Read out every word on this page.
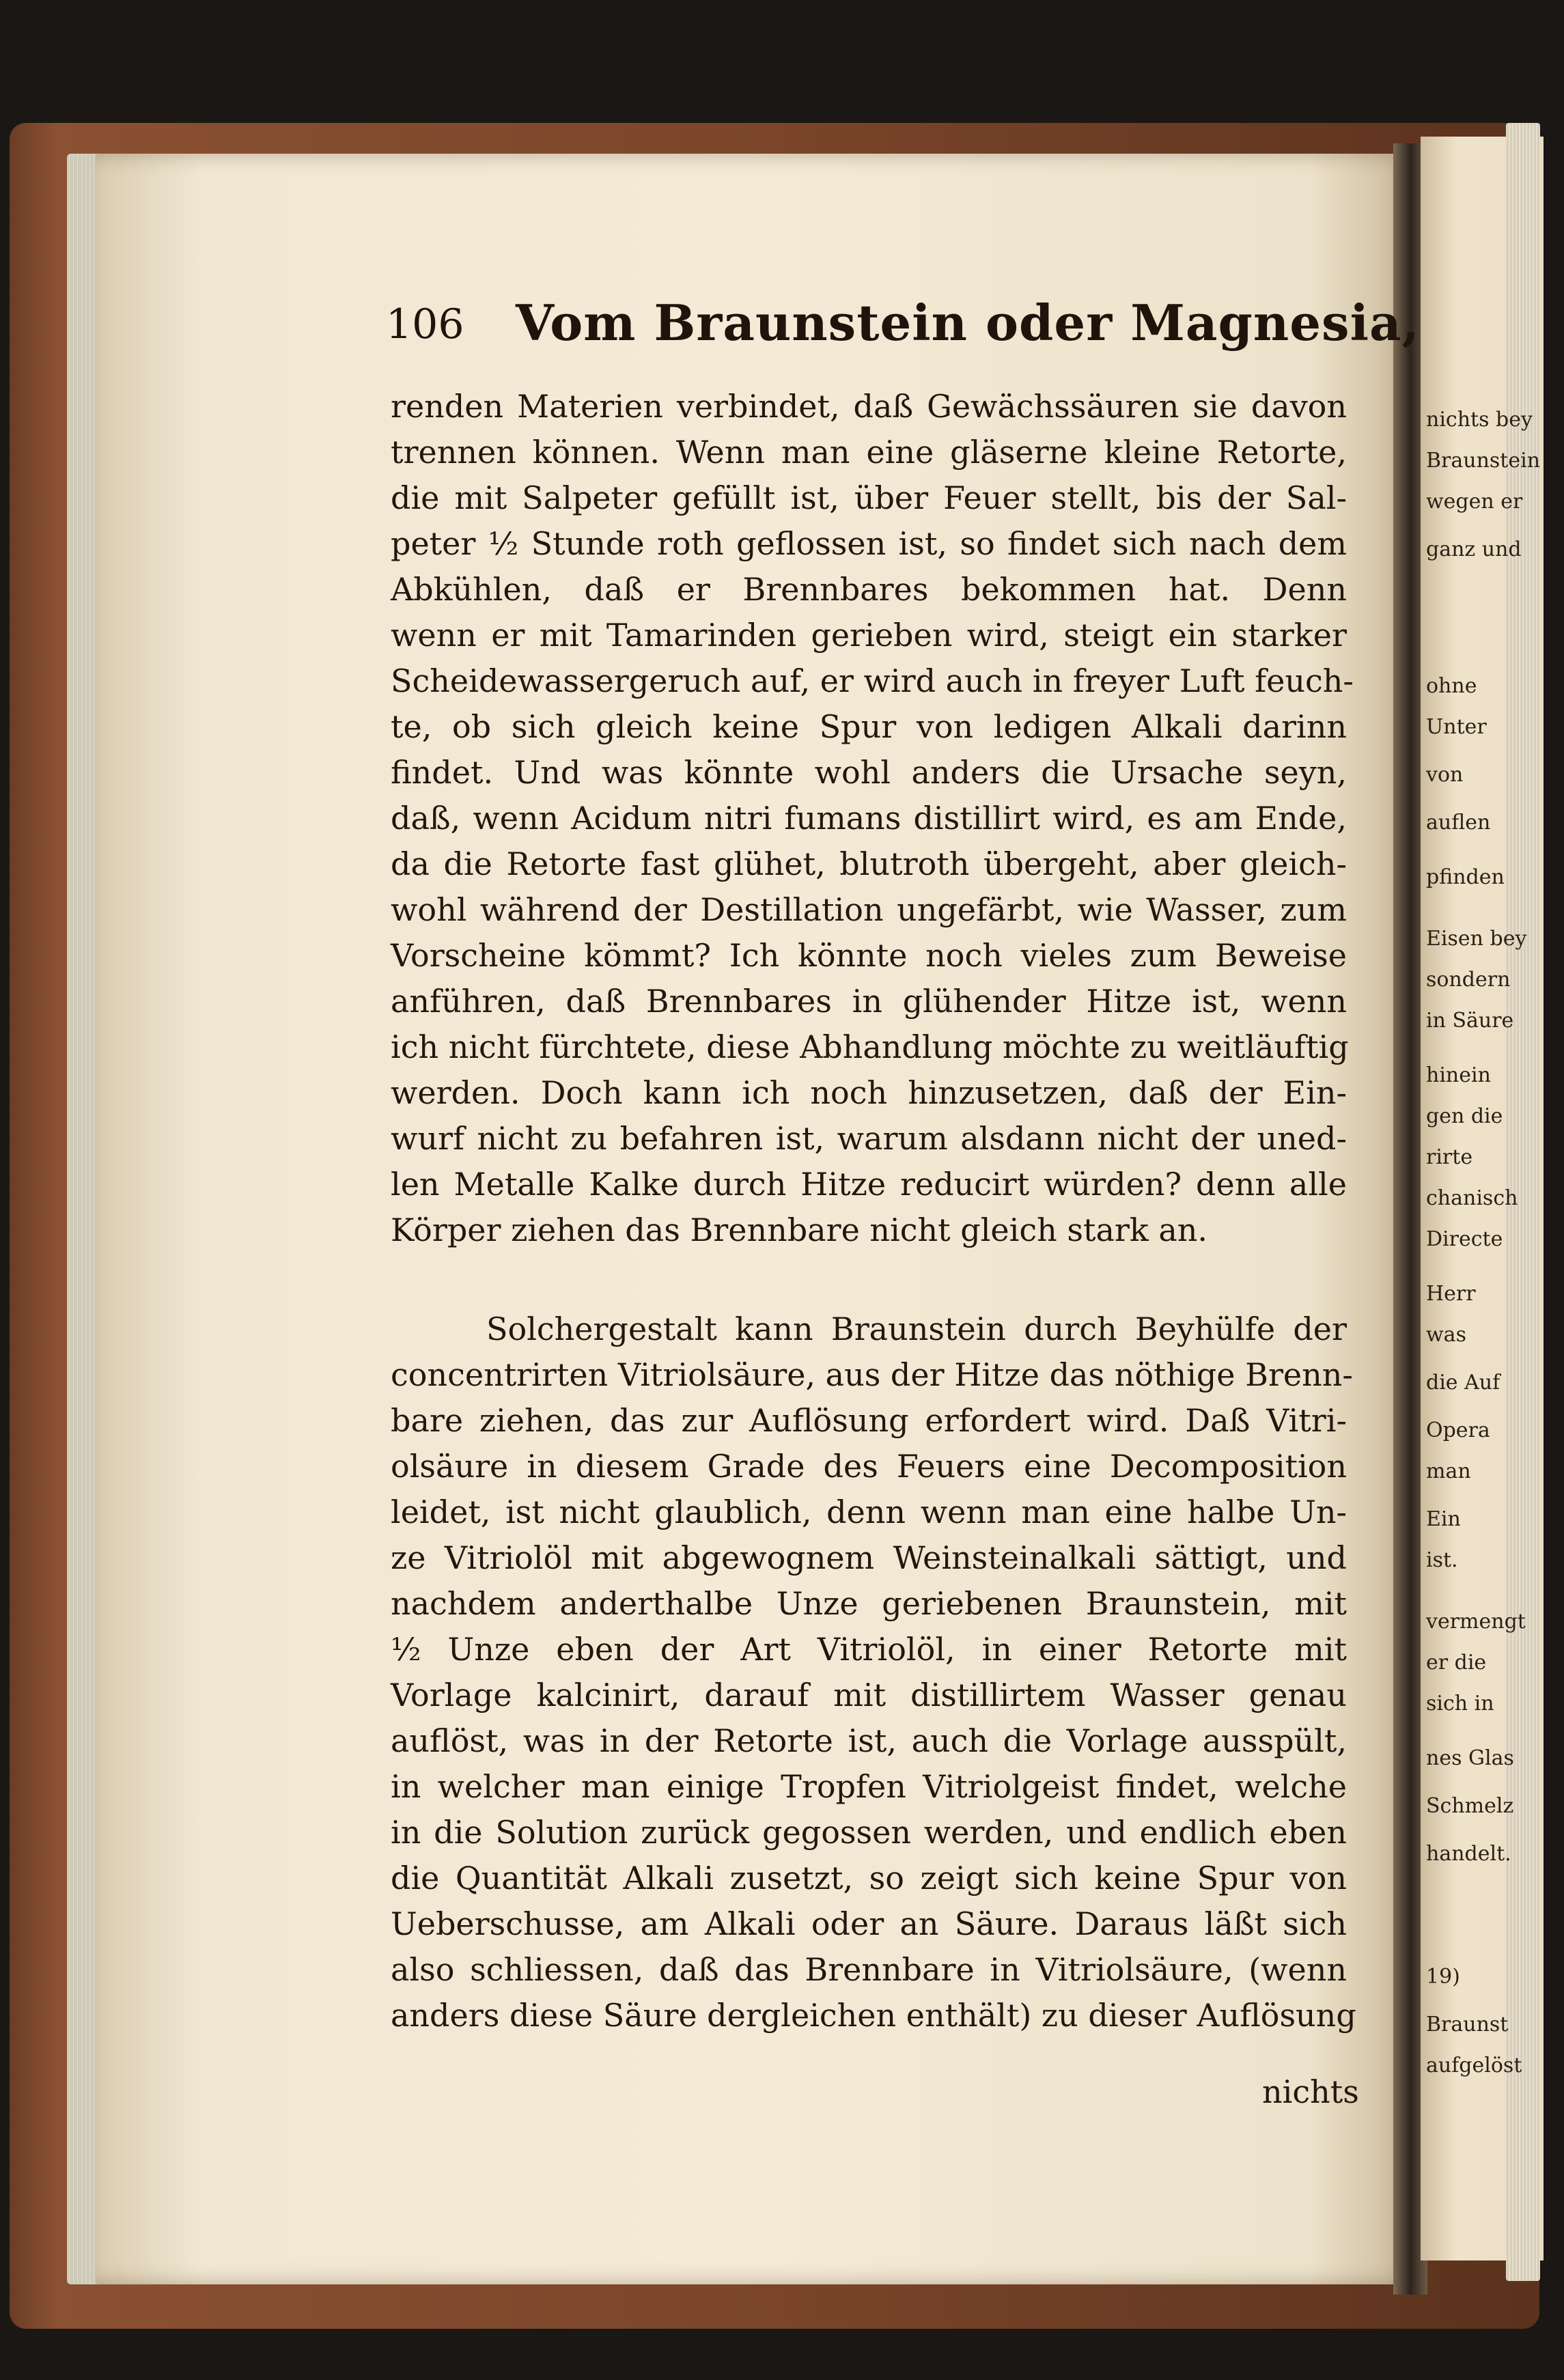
nichts bey
Braunstein
wegen er
ganz und
ohne
Unter
von
auflen
pfinden
Eisen bey
sondern
in Säure
hinein
gen die
rirte
chanisch
Directe
Herr
was
die Auf
Opera
man
Ein
ist.
vermengt
er die
sich in
nes Glas
Schmelz
handelt.
19)
Braunst
aufgelöst
106 Vom Braunstein oder Magnesia,
renden Materien verbindet, daß Gewächssäuren sie davon
trennen können. Wenn man eine gläserne kleine Retorte,
die mit Salpeter gefüllt ist, über Feuer stellt, bis der Sal-
peter ½ Stunde roth geflossen ist, so findet sich nach dem
Abkühlen, daß er Brennbares bekommen hat. Denn
wenn er mit Tamarinden gerieben wird, steigt ein starker
Scheidewassergeruch auf, er wird auch in freyer Luft feuch-
te, ob sich gleich keine Spur von ledigen Alkali darinn
findet. Und was könnte wohl anders die Ursache seyn,
daß, wenn Acidum nitri fumans distillirt wird, es am Ende,
da die Retorte fast glühet, blutroth übergeht, aber gleich-
wohl während der Destillation ungefärbt, wie Wasser, zum
Vorscheine kömmt? Ich könnte noch vieles zum Beweise
anführen, daß Brennbares in glühender Hitze ist, wenn
ich nicht fürchtete, diese Abhandlung möchte zu weitläuftig
werden. Doch kann ich noch hinzusetzen, daß der Ein-
wurf nicht zu befahren ist, warum alsdann nicht der uned-
len Metalle Kalke durch Hitze reducirt würden? denn alle
Körper ziehen das Brennbare nicht gleich stark an.
Solchergestalt kann Braunstein durch Beyhülfe der
concentrirten Vitriolsäure, aus der Hitze das nöthige Brenn-
bare ziehen, das zur Auflösung erfordert wird. Daß Vitri-
olsäure in diesem Grade des Feuers eine Decomposition
leidet, ist nicht glaublich, denn wenn man eine halbe Un-
ze Vitriolöl mit abgewognem Weinsteinalkali sättigt, und
nachdem anderthalbe Unze geriebenen Braunstein, mit
½ Unze eben der Art Vitriolöl, in einer Retorte mit
Vorlage kalcinirt, darauf mit distillirtem Wasser genau
auflöst, was in der Retorte ist, auch die Vorlage ausspült,
in welcher man einige Tropfen Vitriolgeist findet, welche
in die Solution zurück gegossen werden, und endlich eben
die Quantität Alkali zusetzt, so zeigt sich keine Spur von
Ueberschusse, am Alkali oder an Säure. Daraus läßt sich
also schliessen, daß das Brennbare in Vitriolsäure, (wenn
anders diese Säure dergleichen enthält) zu dieser Auflösung
nichts
